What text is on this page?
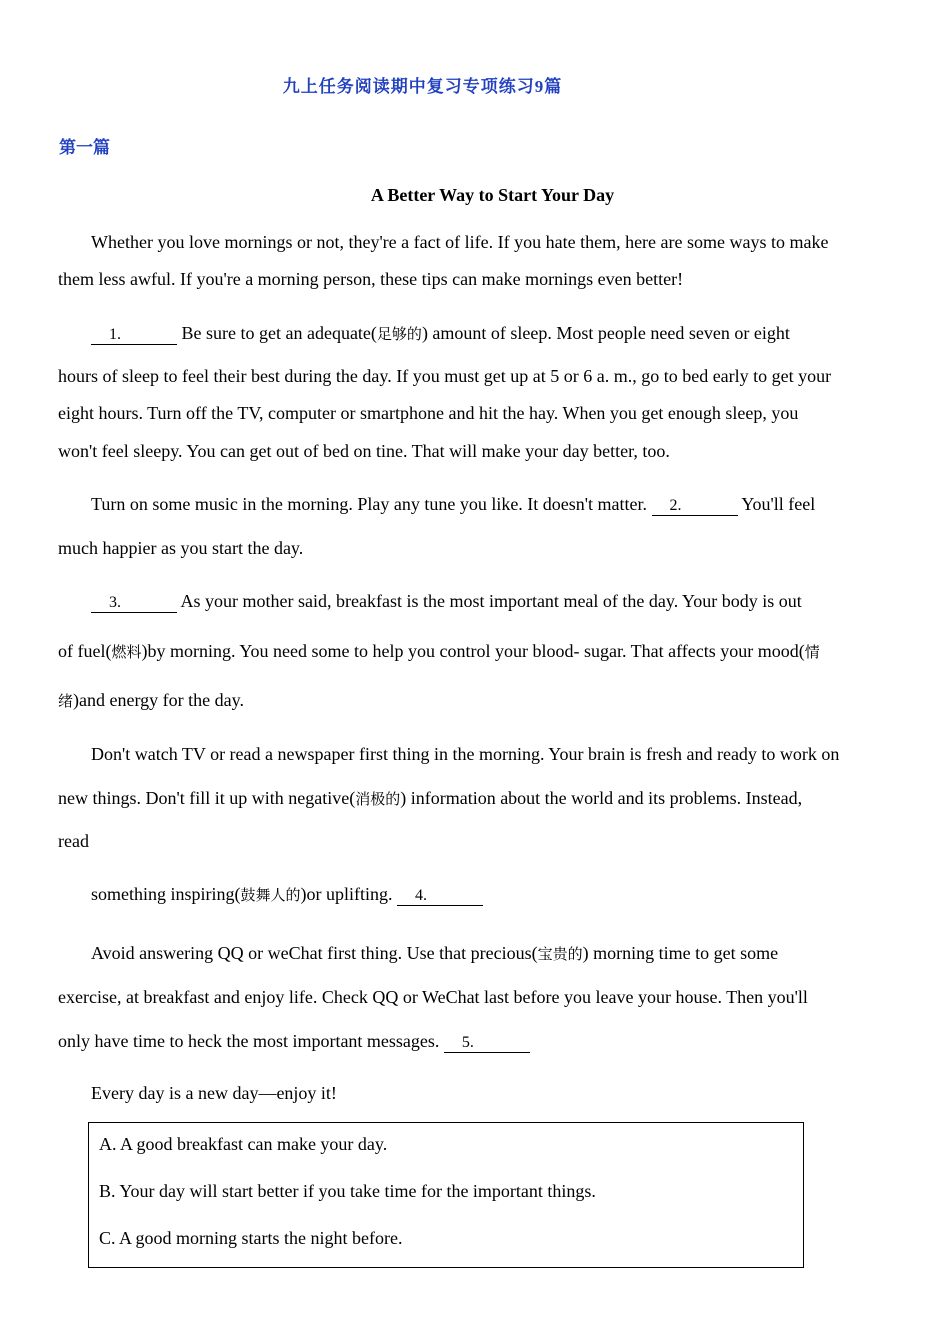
九上任务阅读期中复习专项练习9篇
第一篇
A Better Way to Start Your Day
Whether you love mornings or not, they're a fact of life. If you hate them, here are some ways to make
them less awful. If you're a morning person, these tips can make mornings even better!
1.	Be sure to get an adequate(足够的) amount of sleep. Most people need seven or eight
hours of sleep to feel their best during the day. If you must get up at 5 or 6 a. m., go to bed early to get your
eight hours. Turn off the TV, computer or smartphone and hit the hay. When you get enough sleep, you
won't feel sleepy. You can get out of bed on tine. That will make your day better, too.
Turn on some music in the morning. Play any tune you like. It doesn't matter. 2.	You'll feel
much happier as you start the day.
3.	As your mother said, breakfast is the most important meal of the day. Your body is out
of fuel(燃料)by morning. You need some to help you control your blood- sugar. That affects your mood(情
绪)and energy for the day.
Don't watch TV or read a newspaper first thing in the morning. Your brain is fresh and ready to work on
new things. Don't fill it up with negative(消极的) information about the world and its problems. Instead,
read
something inspiring(鼓舞人的)or uplifting. 4.
Avoid answering QQ or weChat first thing. Use that precious(宝贵的) morning time to get some
exercise, at breakfast and enjoy life. Check QQ or WeChat last before you leave your house. Then you'll
only have time to heck the most important messages. 5.
Every day is a new day—enjoy it!
A. A good breakfast can make your day.
B. Your day will start better if you take time for the important things.
C. A good morning starts the night before.
